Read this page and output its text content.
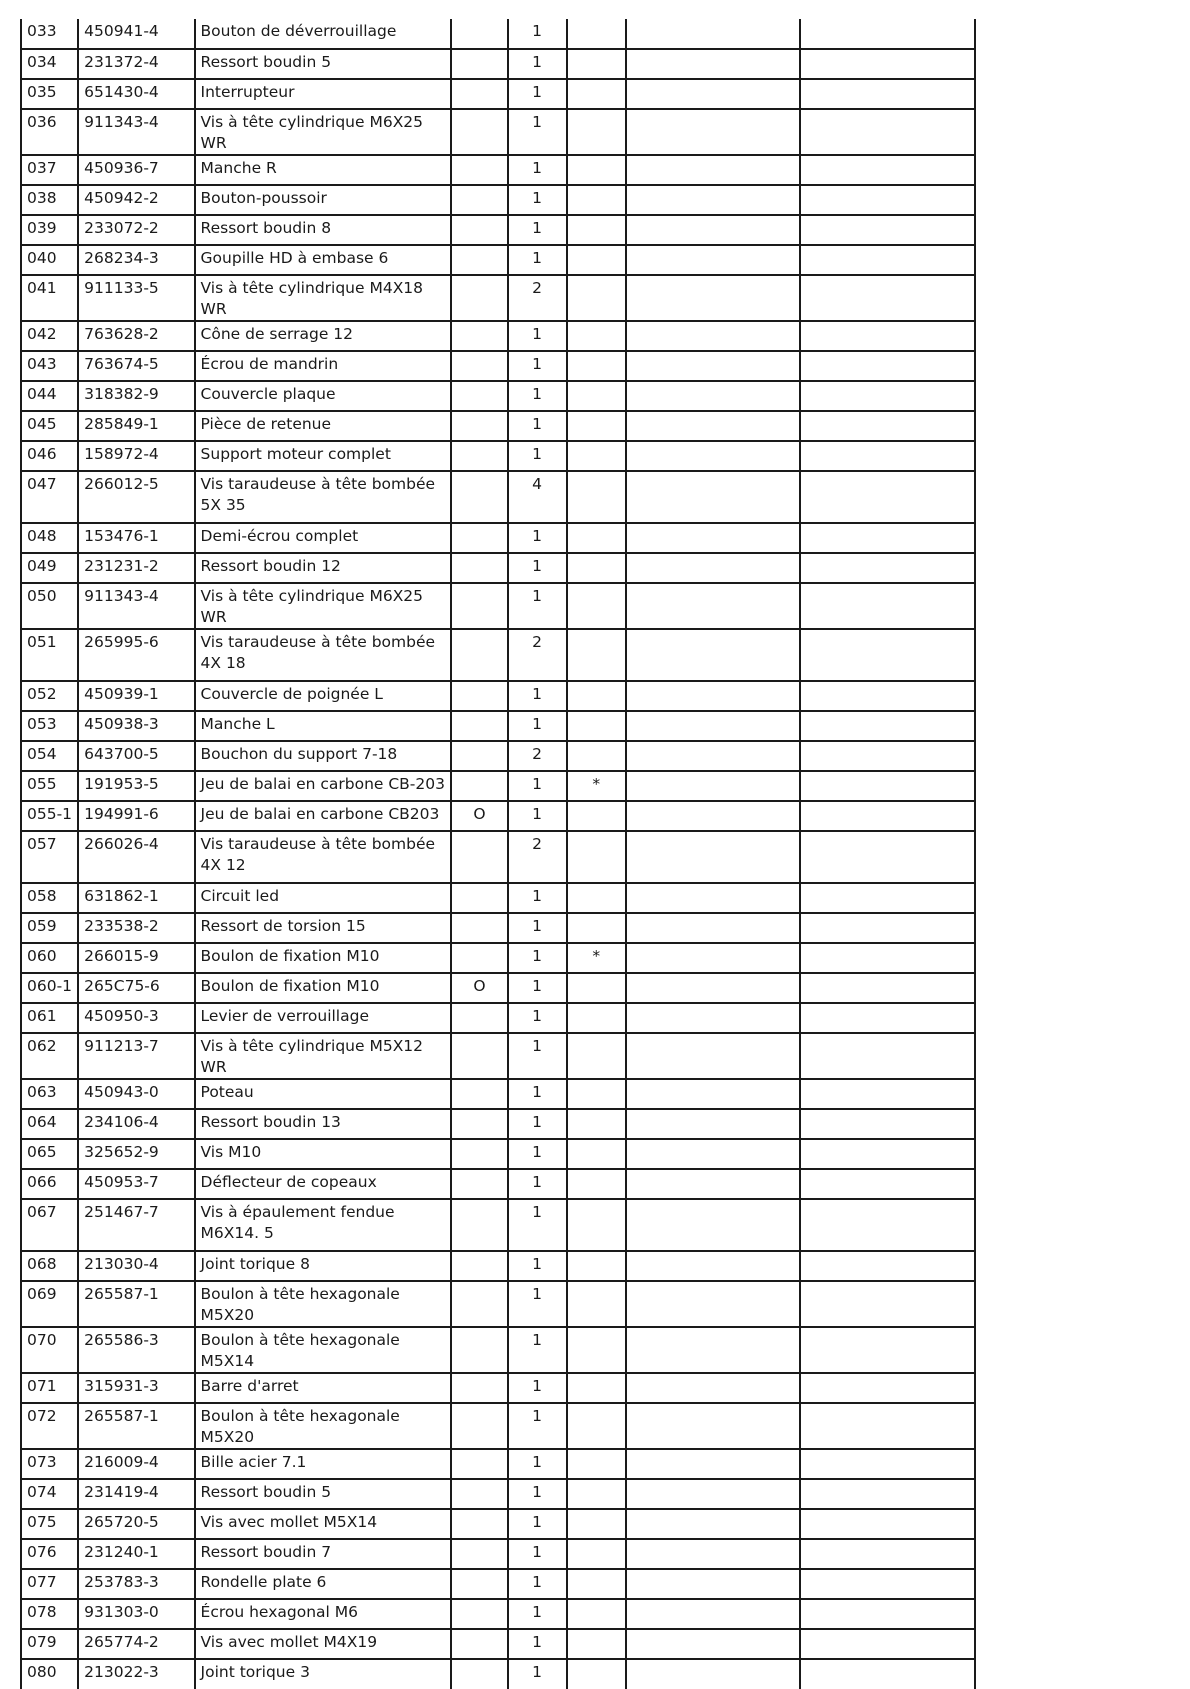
033	450941-4	Bouton de déverrouillage		1			
034	231372-4	Ressort boudin 5		1			
035	651430-4	Interrupteur		1			
036	911343-4	Vis à tête cylindrique M6X25 WR		1			
037	450936-7	Manche R		1			
038	450942-2	Bouton-poussoir		1			
039	233072-2	Ressort boudin 8		1			
040	268234-3	Goupille HD à embase 6		1			
041	911133-5	Vis à tête cylindrique M4X18 WR		2			
042	763628-2	Cône de serrage 12		1			
043	763674-5	Écrou de mandrin		1			
044	318382-9	Couvercle plaque		1			
045	285849-1	Pièce de retenue		1			
046	158972-4	Support moteur complet		1			
047	266012-5	Vis taraudeuse à tête bombée 5X 35		4			
048	153476-1	Demi-écrou complet		1			
049	231231-2	Ressort boudin 12		1			
050	911343-4	Vis à tête cylindrique M6X25 WR		1			
051	265995-6	Vis taraudeuse à tête bombée 4X 18		2			
052	450939-1	Couvercle de poignée L		1			
053	450938-3	Manche L		1			
054	643700-5	Bouchon du support 7-18		2			
055	191953-5	Jeu de balai en carbone CB-203		1	*		
055-1	194991-6	Jeu de balai en carbone CB203	O	1			
057	266026-4	Vis taraudeuse à tête bombée 4X 12		2			
058	631862-1	Circuit led		1			
059	233538-2	Ressort de torsion 15		1			
060	266015-9	Boulon de fixation M10		1	*		
060-1	265C75-6	Boulon de fixation M10	O	1			
061	450950-3	Levier de verrouillage		1			
062	911213-7	Vis à tête cylindrique M5X12 WR		1			
063	450943-0	Poteau		1			
064	234106-4	Ressort boudin 13		1			
065	325652-9	Vis M10		1			
066	450953-7	Déflecteur de copeaux		1			
067	251467-7	Vis à épaulement fendue M6X14. 5		1			
068	213030-4	Joint torique 8		1			
069	265587-1	Boulon à tête hexagonale M5X20		1			
070	265586-3	Boulon à tête hexagonale M5X14		1			
071	315931-3	Barre d'arret		1			
072	265587-1	Boulon à tête hexagonale M5X20		1			
073	216009-4	Bille acier 7.1		1			
074	231419-4	Ressort boudin 5		1			
075	265720-5	Vis avec mollet M5X14		1			
076	231240-1	Ressort boudin 7		1			
077	253783-3	Rondelle plate 6		1			
078	931303-0	Écrou hexagonal M6		1			
079	265774-2	Vis avec mollet M4X19		1			
080	213022-3	Joint torique 3		1			
